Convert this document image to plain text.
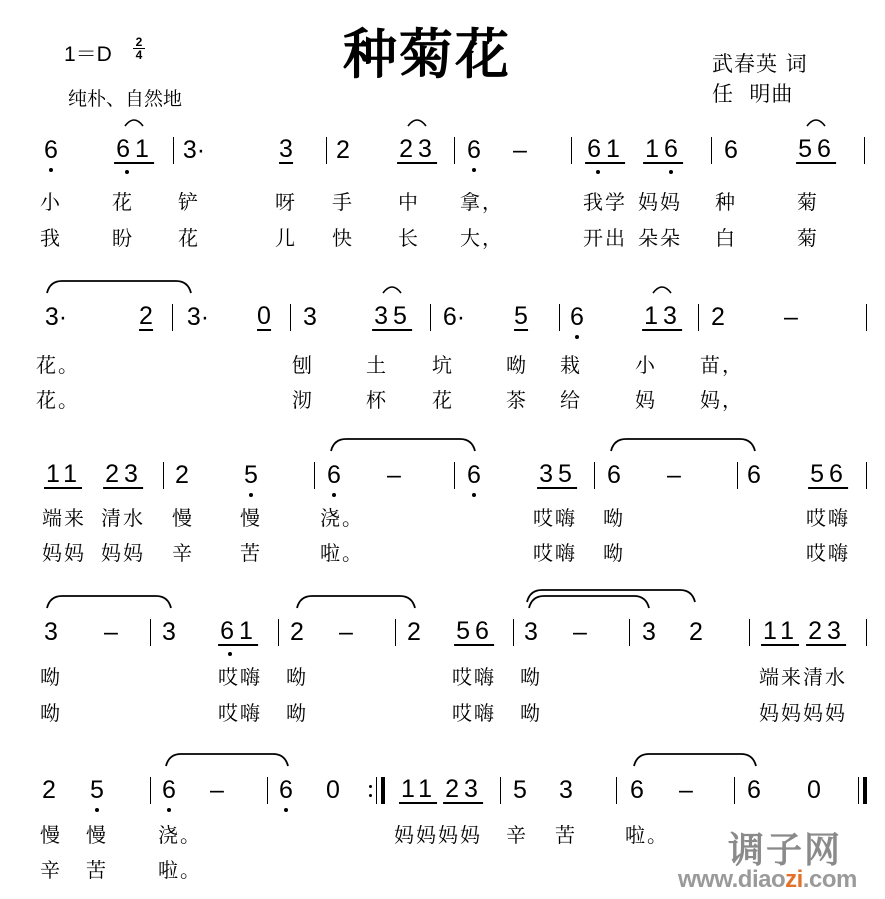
$1=D \frac{2}{4}$	种菊花
纯朴、自然地
武春英 词
任  明曲
6 61 3·	3 2 23 6 – 61 16 6 56
小	花 铲	呀 手 中 拿，	我学 妈妈 种	菊
我	盼 花	儿 快 长 大，	开出 朵朵 白	菊
3·	2 3· 0 3 35 6· 5 6 13 2 –
花。	刨	土 坑	呦 栽	小 苗，
花。	沏	杯 花	茶 给	妈 妈，
11 23 2 5	6 –	6 35 6 –	6 56
端来 清水 慢 慢	浇。	哎嗨 呦	哎嗨
妈妈 妈妈 辛 苦	啦。	哎嗨 呦	哎嗨
3 – 3 61 2 – 2 56 3 – 3 2 11 23
呦	哎嗨 呦	哎嗨 呦	端来清水
呦	哎嗨 呦	哎嗨 呦	妈妈妈妈
2 5 6 – 6 0 11 23 5 3 6 – 6 0
慢 慢	浇。	妈妈妈妈 辛 苦 啦。
辛 苦	啦。	调子网
www.diaozi.com
